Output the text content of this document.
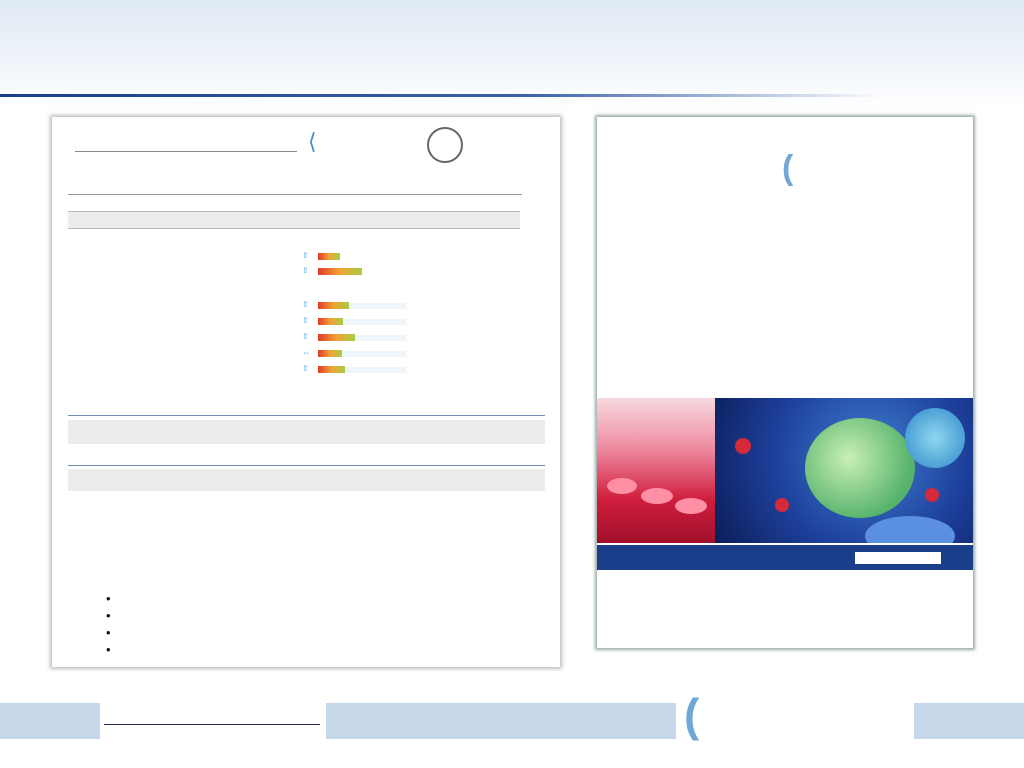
⟨
⇧
⇧
⇧
⇧
⇧
⇔
⇧

•
•
•
•
(
(
